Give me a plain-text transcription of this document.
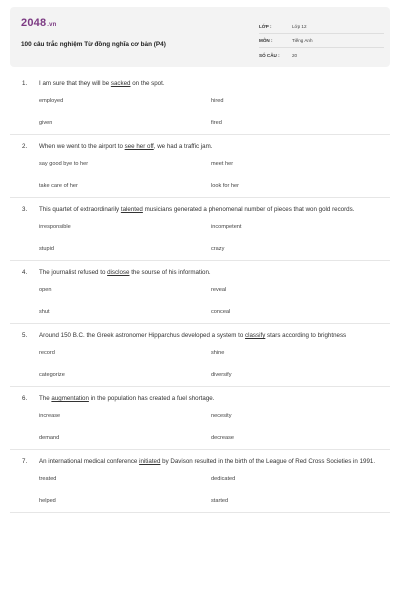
2048.vn
100 câu trắc nghiệm Từ đồng nghĩa cơ bản (P4)
LỚP :	Lớp 12
MÔN :	Tiếng Anh
SỐ CÂU :	20
1.	I am sure that they will be sacked on the spot.
employed	hired
given	fired
2.	When we went to the airport to see her off, we had a traffic jam.
say good bye to her	meet her
take care of her	look for her
3.	This quartet of extraordinarily talented musicians generated a phenomenal number of pieces that won gold records.
irresponsible	incompetent
stupid	crazy
4.	The journalist refused to disclose the sourse of his information.
open	reveal
shut	conceal
5.	Around 150 B.C. the Greek astronomer Hipparchus developed a system to classify stars according to brightness
record	shine
categorize	diversify
6.	The augmentation in the population has created a fuel shortage.
increase	necesity
demand	decrease
7.	An international medical conference initiated by Davison resulted in the birth of the League of Red Cross Societies in 1991.
treated	dedicated
helped	started
